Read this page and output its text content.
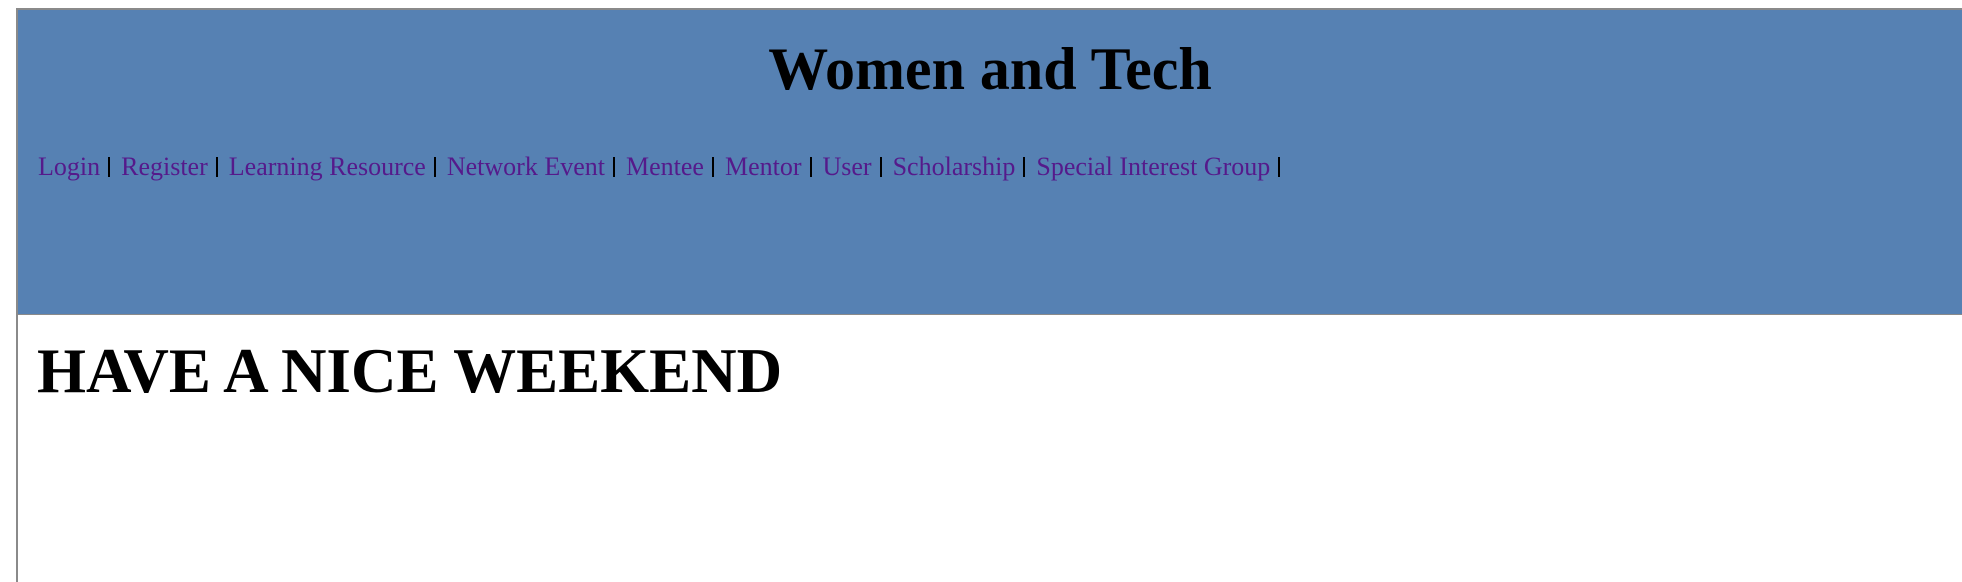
Women and Tech
Login Register Learning Resource Network Event Mentee Mentor User Scholarship Special Interest Group
HAVE A NICE WEEKEND
